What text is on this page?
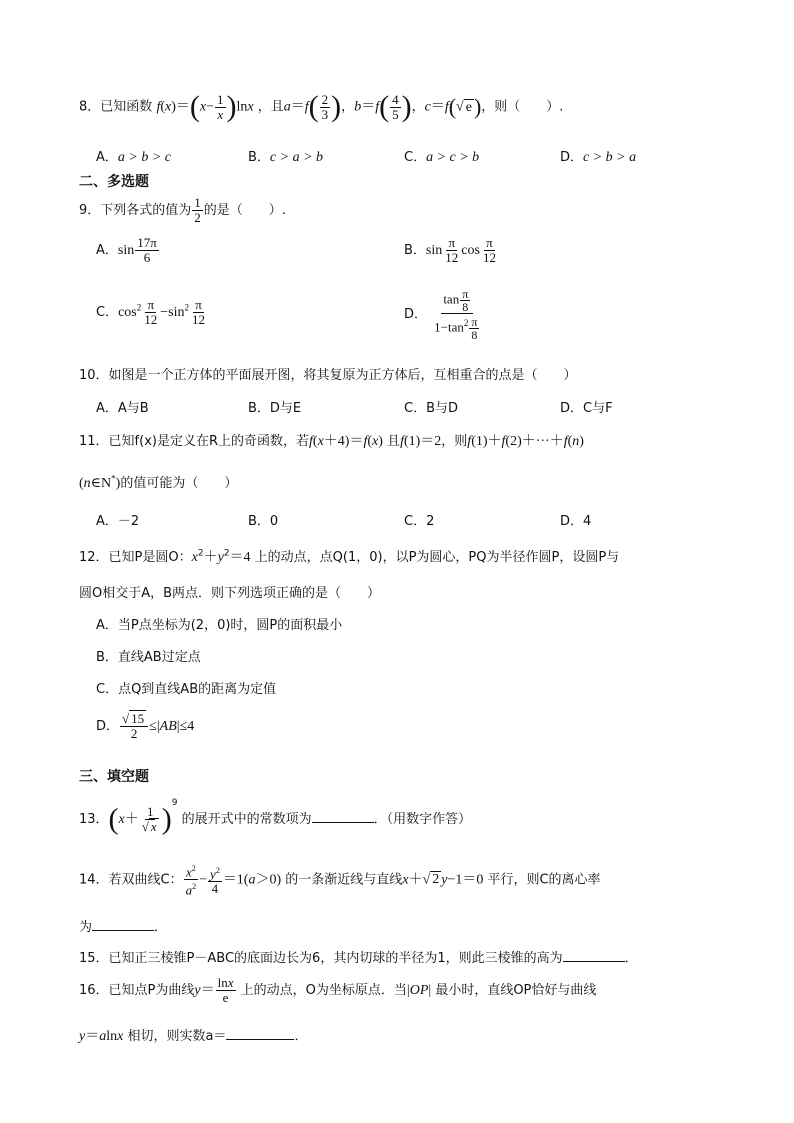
8．已知函数 $f(x)=(x- \frac{1}{x} )\ln x$ ，且$a=f( \frac{2}{3}$ )，$b=f( \frac{4}{5}$ )，c＝f(√ e)，则（　　）.
A．a > b > c	B．c > a > b	C．a > c > b	D．c > b > a
二、多选题
9．下列各式的值为 $\frac{1}{2}$ 的是（　　）.
A．$\sin \frac{17\pi}{6}$	B．$\sin \frac{\pi}{12}$ $\cos \frac{\pi}{12}$
C．$\cos^2 \frac{\pi}{12} -\sin^2 \frac{\pi}{12}$	D． $\frac{\tan \frac{\pi}{8}}{1-\tan^2 \frac{\pi}{8}}$
10．如图是一个正方体的平面展开图，将其复原为正方体后，互相重合的点是（　　）
A．A与B	B．D与E	C．B与D	D．C与F
11．已知f(x)是定义在R上的奇函数，若f(x＋4)＝f(x) 且f(1)＝2，则f(1)＋f(2)＋···＋f(n)
(n∈N*)的值可能为（　　）
A．－2	B．0	C．2	D．4
12．已知P是圆O：$x^2+y^2=4$ 上的动点，点Q(1，0)，以P为圆心，PQ为半径作圆P，设圆P与
圆O相交于A，B两点．则下列选项正确的是（　　）
A．当P点坐标为(2，0)时，圆P的面积最小
B．直线AB过定点
C．点Q到直线AB的距离为定值
D． $\frac{√ 15}{2} \le|AB|\le 4$
三、填空题
13．$(x+ \frac{1}{√ x} )^9$ 的展开式中的常数项为	．（用数字作答）
14．若双曲线C： $\frac{x^2}{a^2} - \frac{y^2}{4} =1(a>0)$ 的一条渐近线与直线x＋√ 2 y−1＝0 平行，则C的离心率
为	．
15．已知正三棱锥P－ABC的底面边长为6，其内切球的半径为1，则此三棱锥的高为	．
16．已知点P为曲线$y= \frac{\ln x}{e}$ 上的动点，O为坐标原点．当|OP| 最小时，直线OP恰好与曲线
y＝alnx 相切，则实数a＝	．
